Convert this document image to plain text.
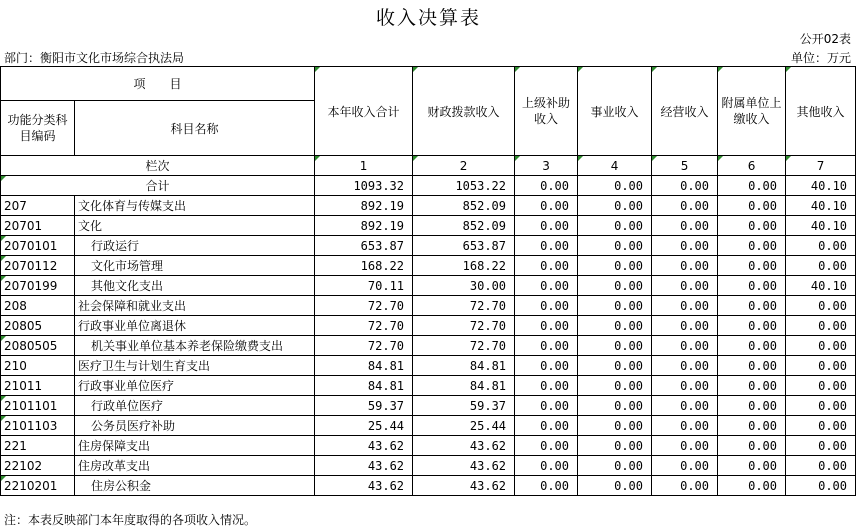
收入决算表
公开02表
部门：衡阳市文化市场综合执法局	单位：万元
项　　目		本年收入合计	财政拨款收入	上级补助收入	事业收入	经营收入	附属单位上缴收入	其他收入
功能分类科目编码	科目名称							
栏次		1	2	3	4	5	6	7
合计		1093.32	1053.22	0.00	0.00	0.00	0.00	40.10
207	文化体育与传媒支出	892.19	852.09	0.00	0.00	0.00	0.00	40.10
20701	文化	892.19	852.09	0.00	0.00	0.00	0.00	40.10
2070101	行政运行	653.87	653.87	0.00	0.00	0.00	0.00	0.00
2070112	文化市场管理	168.22	168.22	0.00	0.00	0.00	0.00	0.00
2070199	其他文化支出	70.11	30.00	0.00	0.00	0.00	0.00	40.10
208	社会保障和就业支出	72.70	72.70	0.00	0.00	0.00	0.00	0.00
20805	行政事业单位离退休	72.70	72.70	0.00	0.00	0.00	0.00	0.00
2080505	机关事业单位基本养老保险缴费支出	72.70	72.70	0.00	0.00	0.00	0.00	0.00
210	医疗卫生与计划生育支出	84.81	84.81	0.00	0.00	0.00	0.00	0.00
21011	行政事业单位医疗	84.81	84.81	0.00	0.00	0.00	0.00	0.00
2101101	行政单位医疗	59.37	59.37	0.00	0.00	0.00	0.00	0.00
2101103	公务员医疗补助	25.44	25.44	0.00	0.00	0.00	0.00	0.00
221	住房保障支出	43.62	43.62	0.00	0.00	0.00	0.00	0.00
22102	住房改革支出	43.62	43.62	0.00	0.00	0.00	0.00	0.00
2210201	住房公积金	43.62	43.62	0.00	0.00	0.00	0.00	0.00
注：本表反映部门本年度取得的各项收入情况。
